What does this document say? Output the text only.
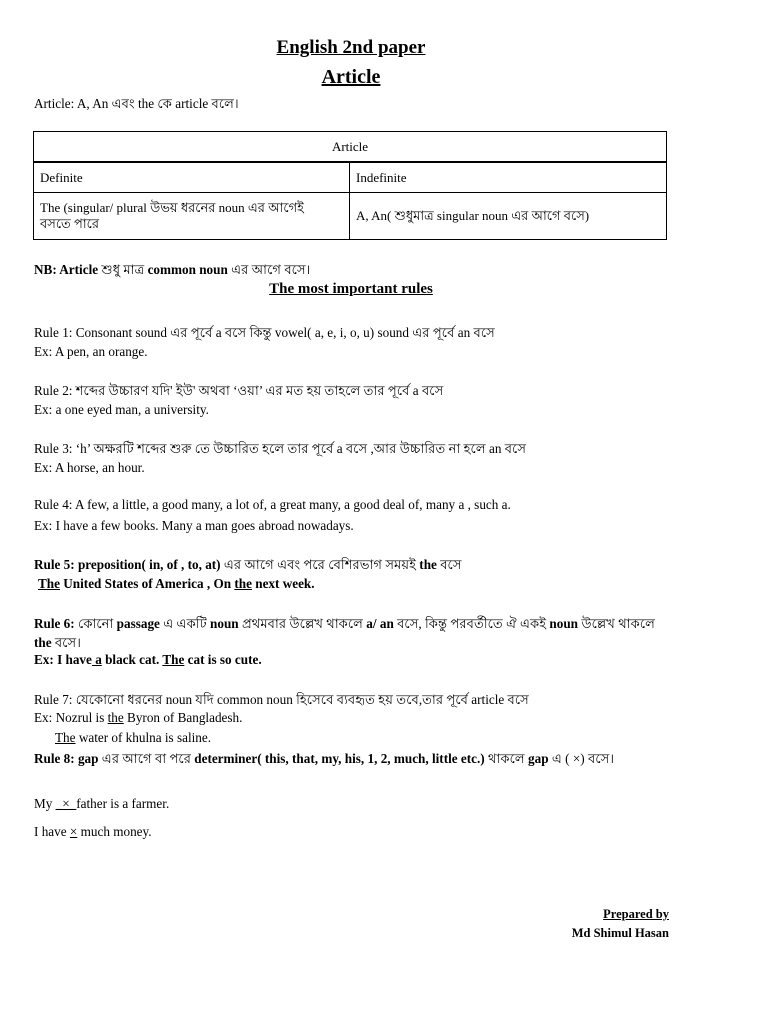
English 2nd paper
Article
Article: A, An এবং the কে article বলে।
Article	
Definite	Indefinite
The (singular/ plural উভয় ধরনের noun এর আগেই
বসতে পারে	A, An( শুধুমাত্র singular noun এর আগে বসে)
NB: Article শুধু মাত্র common noun এর আগে বসে।
The most important rules
Rule 1: Consonant sound এর পূর্বে a বসে কিন্তু vowel( a, e, i, o, u) sound এর পূর্বে an বসে
Ex: A pen, an orange.
Rule 2: শব্দের উচ্চারণ যদি' ইউ' অথবা ‘ওয়া’ এর মত হয় তাহলে তার পূর্বে a বসে
Ex: a one eyed man, a university.
Rule 3: ‘h’ অক্ষরটি শব্দের শুরু তে উচ্চারিত হলে তার পূর্বে a বসে ,আর উচ্চারিত না হলে an বসে
Ex: A horse, an hour.
Rule 4: A few, a little, a good many, a lot of, a great many, a good deal of, many a , such a.
Ex: I have a few books. Many a man goes abroad nowadays.
Rule 5: preposition( in, of , to, at) এর আগে এবং পরে বেশিরভাগ সময়ই the বসে
The United States of America , On the next week.
Rule 6: কোনো passage এ একটি noun প্রথমবার উল্লেখ থাকলে a/ an বসে, কিন্তু পরবর্তীতে ঐ একই noun উল্লেখ থাকলে
the বসে।
Ex: I have a black cat. The cat is so cute.
Rule 7: যেকোনো ধরনের noun যদি common noun হিসেবে ব্যবহৃত হয় তবে,তার পূর্বে article বসে
Ex: Nozrul is the Byron of Bangladesh.
The water of khulna is saline.
Rule 8: gap এর আগে বা পরে determiner( this, that, my, his, 1, 2, much, little etc.) থাকলে gap এ ( ×) বসে।
My _×_father is a farmer.
I have × much money.
Prepared by
Md Shimul Hasan
